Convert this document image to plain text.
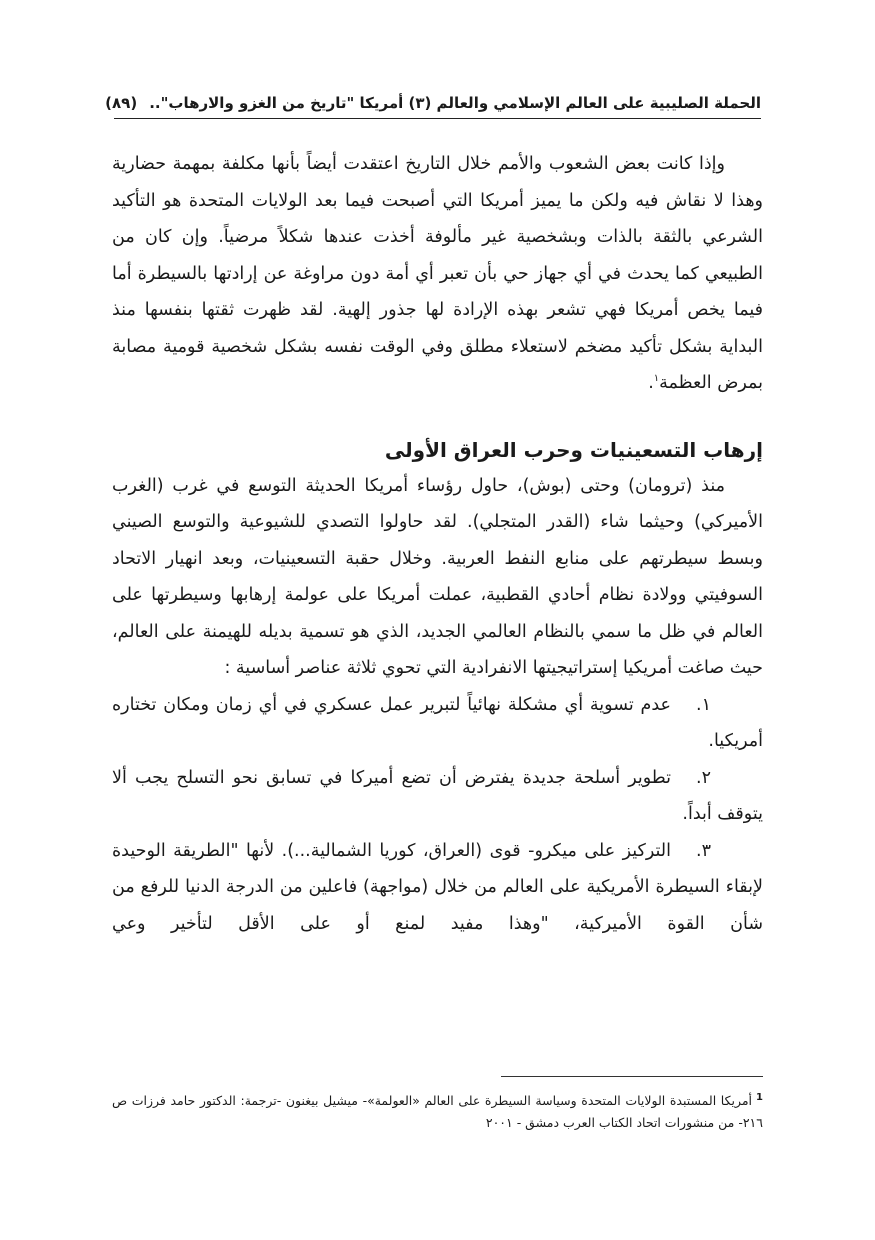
الحملة الصليبية على العالم الإسلامي والعالم (٣) أمريكا "تاريخ من الغزو والارهاب"..
(٨٩)

وإذا كانت بعض الشعوب والأمم خلال التاريخ اعتقدت أيضاً بأنها مكلفة بمهمة حضارية وهذا لا نقاش فيه ولكن ما يميز أمريكا التي أصبحت فيما بعد الولايات المتحدة هو التأكيد الشرعي بالثقة بالذات وبشخصية غير مألوفة أخذت عندها شكلاً مرضياً. وإن كان من الطبيعي كما يحدث في أي جهاز حي بأن تعبر أي أمة دون مراوغة عن إرادتها بالسيطرة أما فيما يخص أمريكا فهي تشعر بهذه الإرادة لها جذور إلهية. لقد ظهرت ثقتها بنفسها منذ البداية بشكل تأكيد مضخم لاستعلاء مطلق وفي الوقت نفسه بشكل شخصية قومية مصابة بمرض العظمة$^١$.

إرهاب التسعينيات وحرب العراق الأولى

منذ (ترومان) وحتى (بوش)، حاول رؤساء أمريكا الحديثة التوسع في غرب (الغرب الأميركي) وحيثما شاء (القدر المتجلي). لقد حاولوا التصدي للشيوعية والتوسع الصيني وبسط سيطرتهم على منابع النفط العربية. وخلال حقبة التسعينيات، وبعد انهيار الاتحاد السوفيتي وولادة نظام أحادي القطبية، عملت أمريكا على عولمة إرهابها وسيطرتها على العالم في ظل ما سمي بالنظام العالمي الجديد، الذي هو تسمية بديله للهيمنة على العالم، حيث صاغت أمريكيا إستراتيجيتها الانفرادية التي تحوي ثلاثة عناصر أساسية :

١.عدم تسوية أي مشكلة نهائياً لتبرير عمل عسكري في أي زمان ومكان تختاره أمريكيا.

٢.تطوير أسلحة جديدة يفترض أن تضع أميركا في تسابق نحو التسلح يجب ألا يتوقف أبداً.

٣.التركيز على ميكرو- قوى (العراق، كوريا الشمالية...). لأنها "الطريقة الوحيدة لإبقاء السيطرة الأمريكية على العالم من خلال (مواجهة) فاعلين من الدرجة الدنيا للرفع من شأن القوة الأميركية، "وهذا مفيد لمنع أو على الأقل لتأخير وعي

$^1$أمريكا المستبدة الولايات المتحدة وسياسة السيطرة على العالم «العولمة»- ميشيل بيغنون -ترجمة: الدكتور حامد فرزات ص ٢١٦- من منشورات اتحاد الكتاب العرب دمشق - ٢٠٠١
